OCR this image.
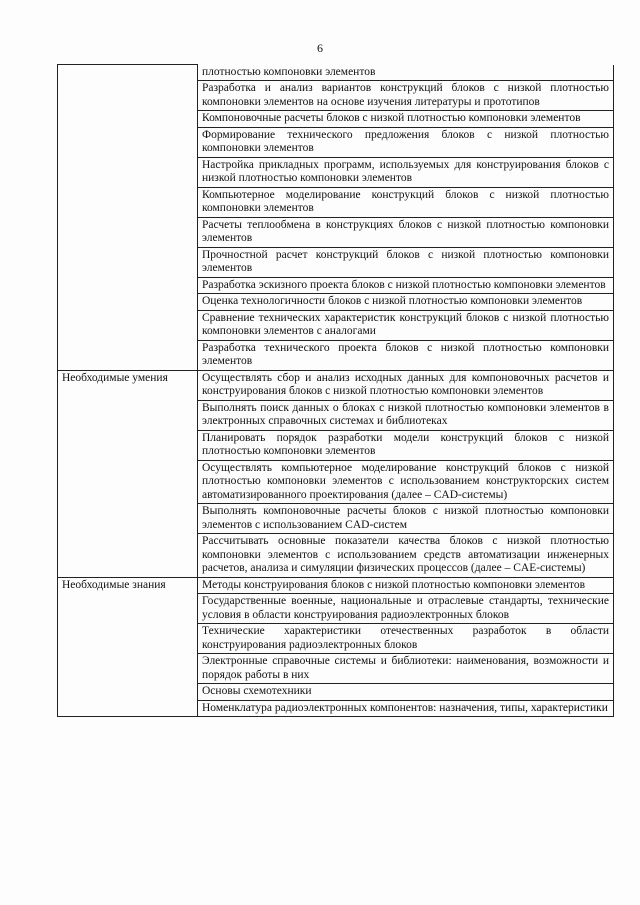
6
	плотностью компоновки элементов
	Разработка и анализ вариантов конструкций блоков с низкой плотностью компоновки элементов на основе изучения литературы и прототипов
	Компоновочные расчеты блоков с низкой плотностью компоновки элементов
	Формирование технического предложения блоков с низкой плотностью компоновки элементов
	Настройка прикладных программ, используемых для конструирования блоков с низкой плотностью компоновки элементов
	Компьютерное моделирование конструкций блоков с низкой плотностью компоновки элементов
	Расчеты теплообмена в конструкциях блоков с низкой плотностью компоновки элементов
	Прочностной расчет конструкций блоков с низкой плотностью компоновки элементов
	Разработка эскизного проекта блоков с низкой плотностью компоновки элементов
	Оценка технологичности блоков с низкой плотностью компоновки элементов
	Сравнение технических характеристик конструкций блоков с низкой плотностью компоновки элементов с аналогами
	Разработка технического проекта блоков с низкой плотностью компоновки элементов
Необходимые умения	Осуществлять сбор и анализ исходных данных для компоновочных расчетов и конструирования блоков с низкой плотностью компоновки элементов
	Выполнять поиск данных о блоках с низкой плотностью компоновки элементов в электронных справочных системах и библиотеках
	Планировать порядок разработки модели конструкций блоков с низкой плотностью компоновки элементов
	Осуществлять компьютерное моделирование конструкций блоков с низкой плотностью компоновки элементов с использованием конструкторских систем автоматизированного проектирования (далее – CAD-системы)
	Выполнять компоновочные расчеты блоков с низкой плотностью компоновки элементов с использованием CAD-систем
	Рассчитывать основные показатели качества блоков с низкой плотностью компоновки элементов с использованием средств автоматизации инженерных расчетов, анализа и симуляции физических процессов (далее – CAE-системы)
Необходимые знания	Методы конструирования блоков с низкой плотностью компоновки элементов
	Государственные военные, национальные и отраслевые стандарты, технические условия в области конструирования радиоэлектронных блоков
	Технические характеристики отечественных разработок в области конструирования радиоэлектронных блоков
	Электронные справочные системы и библиотеки: наименования, возможности и порядок работы в них
	Основы схемотехники
	Номенклатура радиоэлектронных компонентов: назначения, типы, характеристики
